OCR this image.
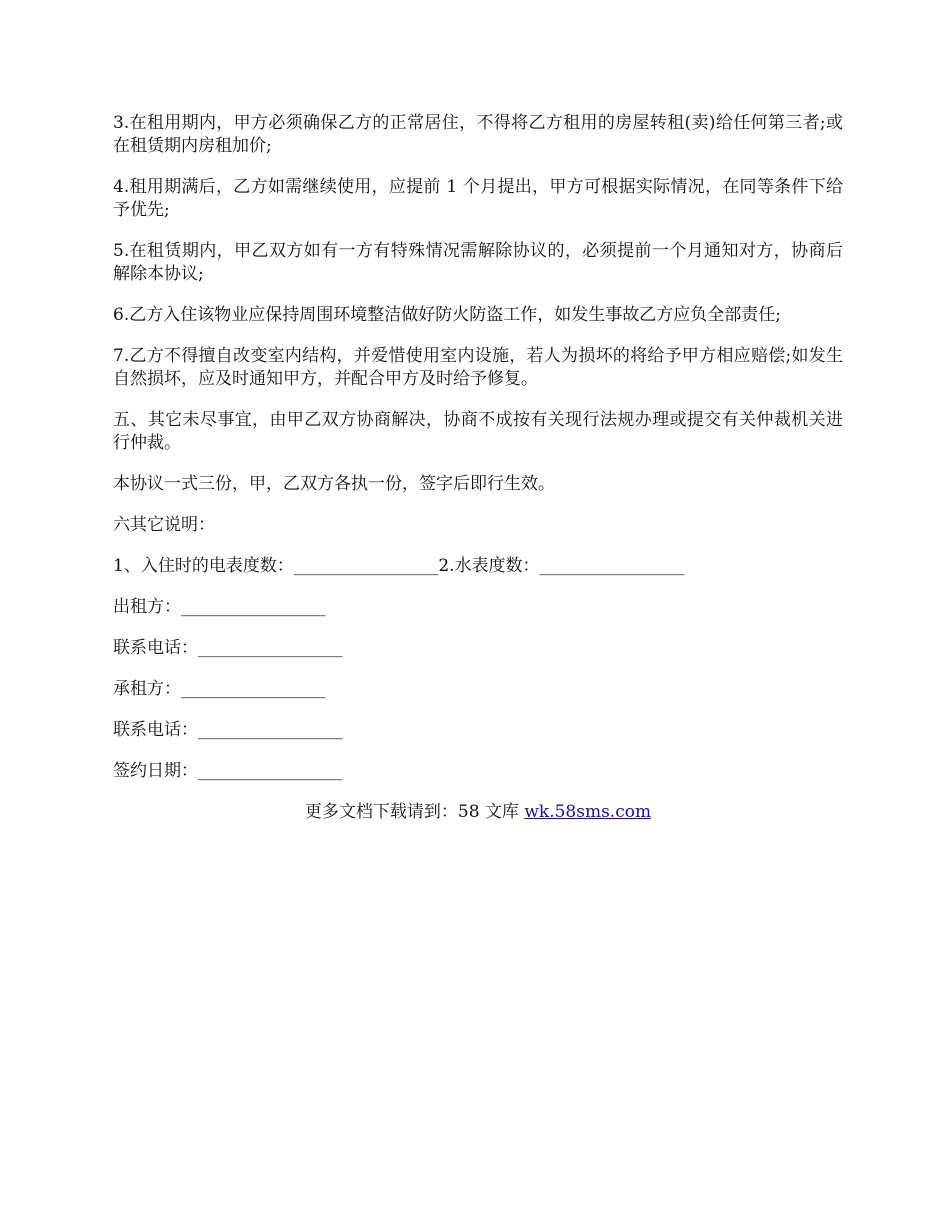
3.在租用期内，甲方必须确保乙方的正常居住，不得将乙方租用的房屋转租(卖)给任何第三者;或在租赁期内房租加价;

4.租用期满后，乙方如需继续使用，应提前 1 个月提出，甲方可根据实际情况，在同等条件下给予优先;

5.在租赁期内，甲乙双方如有一方有特殊情况需解除协议的，必须提前一个月通知对方，协商后解除本协议;

6.乙方入住该物业应保持周围环境整洁做好防火防盗工作，如发生事故乙方应负全部责任;

7.乙方不得擅自改变室内结构，并爱惜使用室内设施，若人为损坏的将给予甲方相应赔偿;如发生自然损坏，应及时通知甲方，并配合甲方及时给予修复。

五、其它未尽事宜，由甲乙双方协商解决，协商不成按有关现行法规办理或提交有关仲裁机关进行仲裁。

本协议一式三份，甲，乙双方各执一份，签字后即行生效。

六其它说明：

1、入住时的电表度数：_________________2.水表度数：_________________
出租方：_________________
联系电话：_________________
承租方：_________________
联系电话：_________________
签约日期：_________________
更多文档下载请到：58 文库 wk.58sms.com
